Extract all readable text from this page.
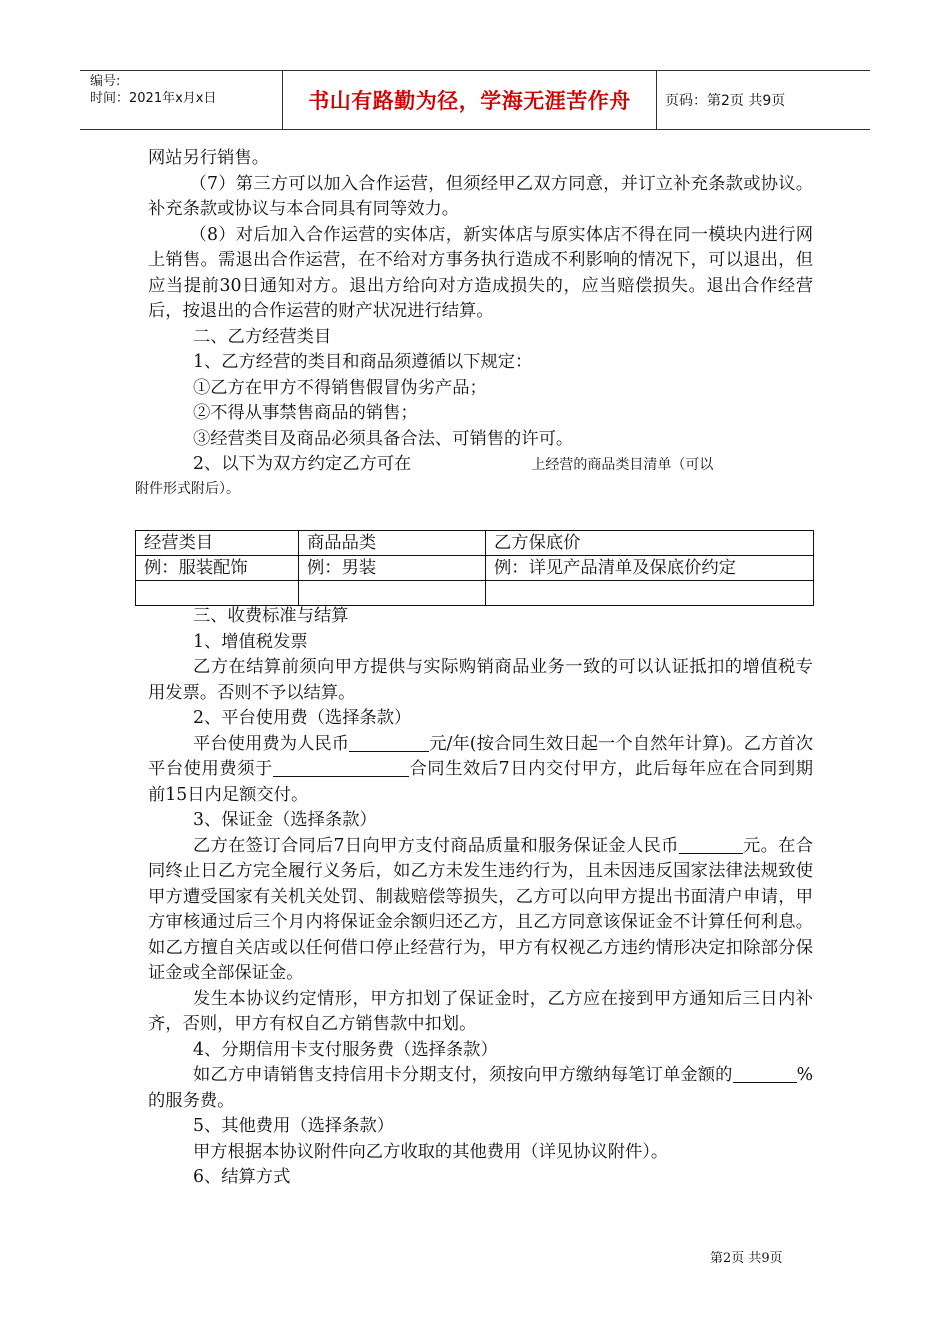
编号:
时间：2021年x月x日	书山有路勤为径，学海无涯苦作舟	页码：第2页 共9页

网站另行销售。

（7）第三方可以加入合作运营，但须经甲乙双方同意，并订立补充条款或协议。补充条款或协议与本合同具有同等效力。

（8）对后加入合作运营的实体店，新实体店与原实体店不得在同一模块内进行网上销售。需退出合作运营，在不给对方事务执行造成不利影响的情况下，可以退出，但应当提前30日通知对方。退出方给向对方造成损失的，应当赔偿损失。退出合作经营后，按退出的合作运营的财产状况进行结算。

二、乙方经营类目

1、乙方经营的类目和商品须遵循以下规定：

①乙方在甲方不得销售假冒伪劣产品；

②不得从事禁售商品的销售；

③经营类目及商品必须具备合法、可销售的许可。

2、以下为双方约定乙方可在	上经营的商品类目清单（可以

附件形式附后）。

经营类目	商品品类	乙方保底价
例：服装配饰	例：男装	例：详见产品清单及保底价约定

三、收费标准与结算

1、增值税发票

乙方在结算前须向甲方提供与实际购销商品业务一致的可以认证抵扣的增值税专用发票。否则不予以结算。

2、平台使用费（选择条款）

平台使用费为人民币	元/年(按合同生效日起一个自然年计算)。乙方首次平台使用费须于	合同生效后7日内交付甲方，此后每年应在合同到期前15日内足额交付。

3、保证金（选择条款）

乙方在签订合同后7日向甲方支付商品质量和服务保证金人民币	元。在合同终止日乙方完全履行义务后，如乙方未发生违约行为，且未因违反国家法律法规致使甲方遭受国家有关机关处罚、制裁赔偿等损失，乙方可以向甲方提出书面清户申请，甲方审核通过后三个月内将保证金余额归还乙方，且乙方同意该保证金不计算任何利息。如乙方擅自关店或以任何借口停止经营行为，甲方有权视乙方违约情形决定扣除部分保证金或全部保证金。

发生本协议约定情形，甲方扣划了保证金时，乙方应在接到甲方通知后三日内补齐，否则，甲方有权自乙方销售款中扣划。

4、分期信用卡支付服务费（选择条款）

如乙方申请销售支持信用卡分期支付，须按向甲方缴纳每笔订单金额的	%的服务费。

5、其他费用（选择条款）

甲方根据本协议附件向乙方收取的其他费用（详见协议附件）。

6、结算方式

第2页 共9页
